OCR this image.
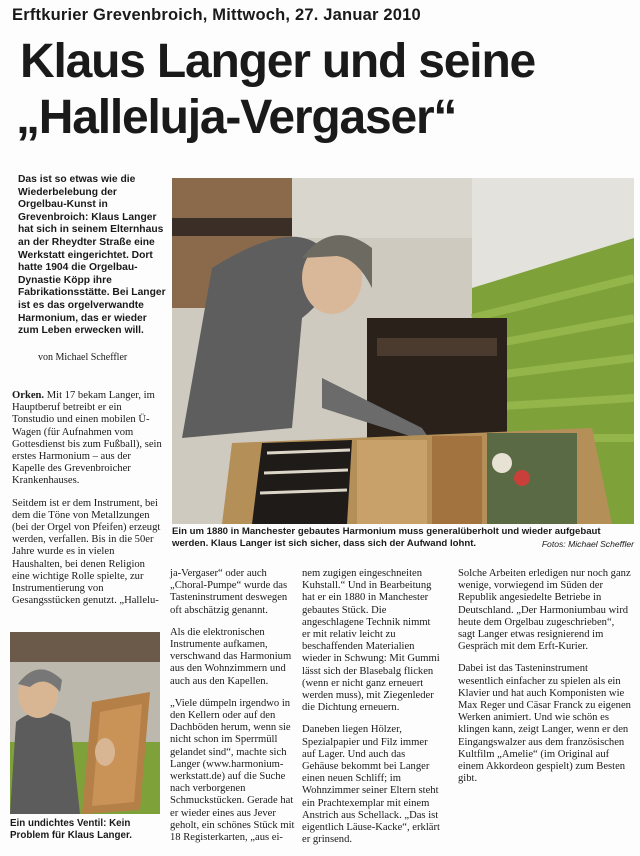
Erftkurier Grevenbroich, Mittwoch, 27. Januar 2010
Klaus Langer und seine
„Halleluja-Vergaser“
Das ist so etwas wie die Wiederbelebung der Orgelbau-Kunst in Grevenbroich: Klaus Langer hat sich in seinem Elternhaus an der Rheydter Straße eine Werkstatt eingerichtet. Dort hatte 1904 die Orgelbau-Dynastie Köpp ihre Fabrikationsstätte. Bei Langer ist es das orgelverwandte Harmonium, das er wieder zum Leben erwecken will.
von Michael Scheffler
Ein um 1880 in Manchester gebautes Harmonium muss generalüberholt und wieder aufgebaut werden. Klaus Langer ist sich sicher, dass sich der Aufwand lohnt.	Fotos: Michael Scheffler

Orken. Mit 17 bekam Langer, im Hauptberuf betreibt er ein Tonstudio und einen mobilen Ü-Wagen (für Aufnahmen vom Gottesdienst bis zum Fußball), sein erstes Harmonium – aus der Kapelle des Grevenbroicher Krankenhauses.

Seitdem ist er dem Instrument, bei dem die Töne von Metallzungen (bei der Orgel von Pfeifen) erzeugt werden, verfallen. Bis in die 50er Jahre wurde es in vielen Haushalten, bei denen Religion eine wichtige Rolle spielte, zur Instrumentierung von Gesangsstücken genutzt. „Hallelu-

Ein undichtes Ventil: Kein Problem für Klaus Langer.

ja-Vergaser“ oder auch „Choral-Pumpe“ wurde das Tasteninstrument deswegen oft abschätzig genannt.

Als die elektronischen Instrumente aufkamen, verschwand das Harmonium aus den Wohnzimmern und auch aus den Kapellen.

„Viele dümpeln irgendwo in den Kellern oder auf den Dachböden herum, wenn sie nicht schon im Sperrmüll gelandet sind“, machte sich Langer (www.harmonium-werkstatt.de) auf die Suche nach verborgenen Schmuckstücken. Gerade hat er wieder eines aus Jever geholt, ein schönes Stück mit 18 Registerkarten, „aus ei-

nem zugigen eingeschneiten Kuhstall.“ Und in Bearbeitung hat er ein 1880 in Manchester gebautes Stück. Die angeschlagene Technik nimmt er mit relativ leicht zu beschaffenden Materialien wieder in Schwung: Mit Gummi lässt sich der Blasebalg flicken (wenn er nicht ganz erneuert werden muss), mit Ziegenleder die Dichtung erneuern.

Daneben liegen Hölzer, Spezialpapier und Filz immer auf Lager. Und auch das Gehäuse bekommt bei Langer einen neuen Schliff; im Wohnzimmer seiner Eltern steht ein Prachtexemplar mit einem Anstrich aus Schellack. „Das ist eigentlich Läuse-Kacke“, erklärt er grinsend.

Solche Arbeiten erledigen nur noch ganz wenige, vorwiegend im Süden der Republik angesiedelte Betriebe in Deutschland. „Der Harmoniumbau wird heute dem Orgelbau zugeschrieben“, sagt Langer etwas resignierend im Gespräch mit dem Erft-Kurier.

Dabei ist das Tasteninstrument wesentlich einfacher zu spielen als ein Klavier und hat auch Komponisten wie Max Reger und Cäsar Franck zu eigenen Werken animiert. Und wie schön es klingen kann, zeigt Langer, wenn er den Eingangswalzer aus dem französischen Kultfilm „Amelie“ (im Original auf einem Akkordeon gespielt) zum Besten gibt.
